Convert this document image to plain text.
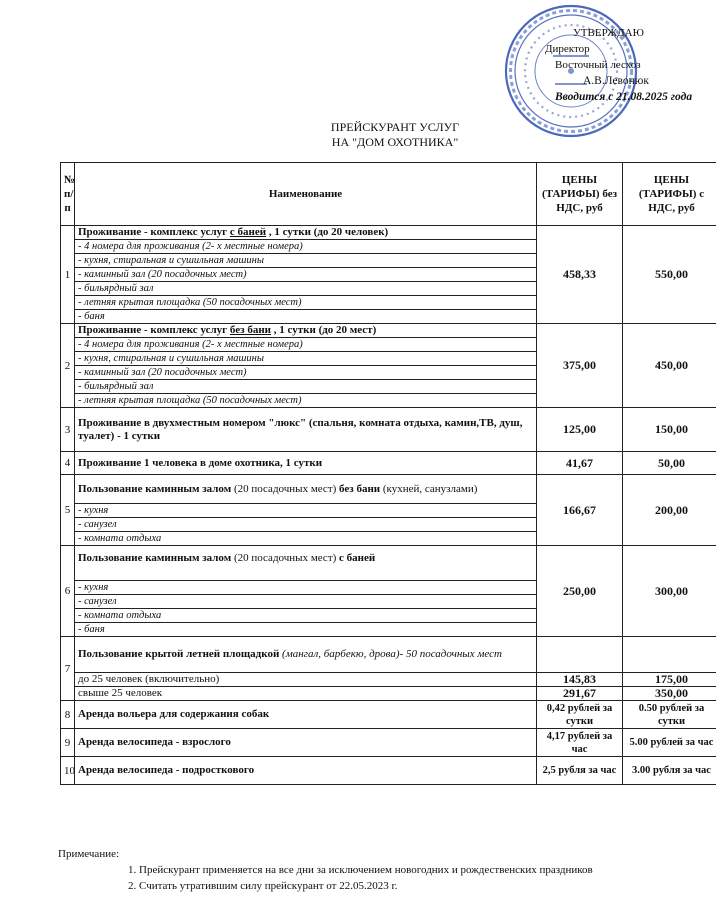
УТВЕРЖДАЮ
Директор
Восточный лесхоз
А.В.Левонюк
Вводится с 21.08.2025 года
ПРЕЙСКУРАНТ УСЛУГ
НА "ДОМ ОХОТНИКА"
№ п/п	Наименование	ЦЕНЫ (ТАРИФЫ) без НДС, руб	ЦЕНЫ (ТАРИФЫ) с НДС, руб
1	Проживание - комплекс услуг с баней , 1 сутки (до 20 человек)	458,33	550,00
	- 4 номера для проживания (2- х местные номера)		
	- кухня, стиральная и сушильная машины		
	- каминный зал (20 посадочных мест)		
	- бильярдный зал		
	- летняя крытая площадка (50 посадочных мест)		
	- баня		
2	Проживание - комплекс услуг без бани , 1 сутки (до 20 мест)	375,00	450,00
	- 4 номера для проживания (2- х местные номера)		
	- кухня, стиральная и сушильная машины		
	- каминный зал (20 посадочных мест)		
	- бильярдный зал		
	- летняя крытая площадка (50 посадочных мест)		
3	Проживание в двухместным номером "люкс" (спальня, комната отдыха, камин,ТВ, душ, туалет) - 1 сутки	125,00	150,00
4	Проживание 1 человека в доме охотника, 1 сутки	41,67	50,00
5	Пользование каминным залом (20 посадочных мест) без бани (кухней, санузлами)	166,67	200,00
	- кухня		
	- санузел		
	- комната отдыха		
6	Пользование каминным залом (20 посадочных мест) с баней	250,00	300,00
	- кухня		
	- санузел		
	- комната отдыха		
	- баня		
7	Пользование крытой летней площадкой (мангал, барбекю, дрова)- 50 посадочных мест		
	до 25 человек (включительно)	145,83	175,00
	свыше 25 человек	291,67	350,00
8	Аренда вольера для содержания собак	0,42 рублей за сутки	0.50 рублей за сутки
9	Аренда велосипеда - взрослого	4,17 рублей за час	5.00 рублей за час
10	Аренда велосипеда - подросткового	2,5 рубля за час	3.00 рубля за час
Примечание:
1. Прейскурант применяется на все дни за исключением новогодних и рождественских праздников
2. Считать утратившим силу прейскурант от 22.05.2023 г.
